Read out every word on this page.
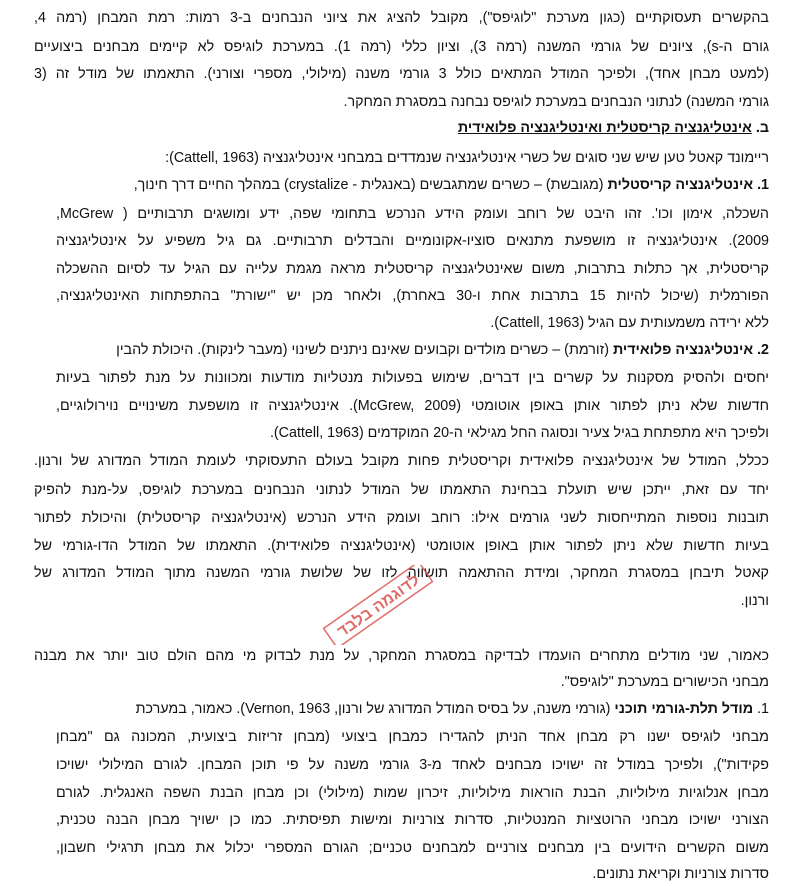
בהקשרים תעסוקתיים (כגון מערכת "לוגיפס"), מקובל להציג את ציוני הנבחנים ב-3 רמות: רמת המבחן (רמה 4,
גורם ה-s), ציונים של גורמי המשנה (רמה 3), וציון כללי (רמה 1). במערכת לוגיפס לא קיימים מבחנים ביצועיים
(למעט מבחן אחד), ולפיכך המודל המתאים כולל 3 גורמי משנה (מילולי, מספרי וצורני). התאמתו של מודל זה (3
גורמי המשנה) לנתוני הנבחנים במערכת לוגיפס נבחנה במסגרת המחקר.
ב. אינטליגנציה קריסטלית ואינטליגנציה פלואידית
ריימונד קאטל טען שיש שני סוגים של כשרי אינטליגנציה שנמדדים במבחני אינטליגנציה (Cattell, 1963):
1. אינטליגנציה קריסטלית (מגובשת) – כשרים שמתגבשים (באנגלית - crystalize) במהלך החיים דרך חינוך,
השכלה, אימון וכו'. זהו היבט של רוחב ועומק הידע הנרכש בתחומי שפה, ידע ומושגים תרבותיים ( McGrew,
2009). אינטליגנציה זו מושפעת מתנאים סוציו-אקונומיים והבדלים תרבותיים. גם גיל משפיע על אינטליגנציה
קריסטלית, אך כתלות בתרבות, משום שאינטליגנציה קריסטלית מראה מגמת עלייה עם הגיל עד לסיום ההשכלה
הפורמלית (שיכול להיות 15 בתרבות אחת ו-30 באחרת), ולאחר מכן יש "ישורת" בהתפתחות האינטליגנציה,
ללא ירידה משמעותית עם הגיל (Cattell, 1963).
2. אינטליגנציה פלואידית (זורמת) – כשרים מולדים וקבועים שאינם ניתנים לשינוי (מעבר לינקות). היכולת להבין
יחסים ולהסיק מסקנות על קשרים בין דברים, שימוש בפעולות מנטליות מודעות ומכוונות על מנת לפתור בעיות
חדשות שלא ניתן לפתור אותן באופן אוטומטי (McGrew, 2009). אינטליגנציה זו מושפעת משינויים נוירולוגיים,
ולפיכך היא מתפתחת בגיל צעיר ונסוגה החל מגילאי ה-20 המוקדמים (Cattell, 1963).
ככלל, המודל של אינטליגנציה פלואידית וקריסטלית פחות מקובל בעולם התעסוקתי לעומת המודל המדורג של ורנון.
יחד עם זאת, ייתכן שיש תועלת בבחינת התאמתו של המודל לנתוני הנבחנים במערכת לוגיפס, על-מנת להפיק
תובנות נוספות המתייחסות לשני גורמים אילו: רוחב ועומק הידע הנרכש (אינטליגנציה קריסטלית) והיכולת לפתור
בעיות חדשות שלא ניתן לפתור אותן באופן אוטומטי (אינטליגנציה פלואידית). התאמתו של המודל הדו-גורמי של
קאטל תיבחן במסגרת המחקר, ומידת ההתאמה תושווה לזו של שלושת גורמי המשנה מתוך המודל המדורג של
ורנון.
כאמור, שני מודלים מתחרים הועמדו לבדיקה במסגרת המחקר, על מנת לבדוק מי מהם הולם טוב יותר את מבנה
מבחני הכישורים במערכת "לוגיפס".
1. מודל תלת-גורמי תוכני (גורמי משנה, על בסיס המודל המדורג של ורנון, Vernon, 1963). כאמור, במערכת
מבחני לוגיפס ישנו רק מבחן אחד הניתן להגדירו כמבחן ביצועי (מבחן זריזות ביצועית, המכונה גם "מבחן
פקידות"), ולפיכך במודל זה ישויכו מבחנים לאחד מ-3 גורמי משנה על פי תוכן המבחן. לגורם המילולי ישויכו
מבחן אנלוגיות מילוליות, הבנת הוראות מילוליות, זיכרון שמות (מילולי) וכן מבחן הבנת השפה האנגלית. לגורם
הצורני ישויכו מבחני הרוטציות המנטליות, סדרות צורניות ומישות תפיסתית. כמו כן ישויך מבחן הבנה טכנית,
משום הקשרים הידועים בין מבחנים צורניים למבחנים טכניים; הגורם המספרי יכלול את מבחן תרגילי חשבון,
סדרות צורניות וקריאת נתונים.
לדוגמה בלבד
